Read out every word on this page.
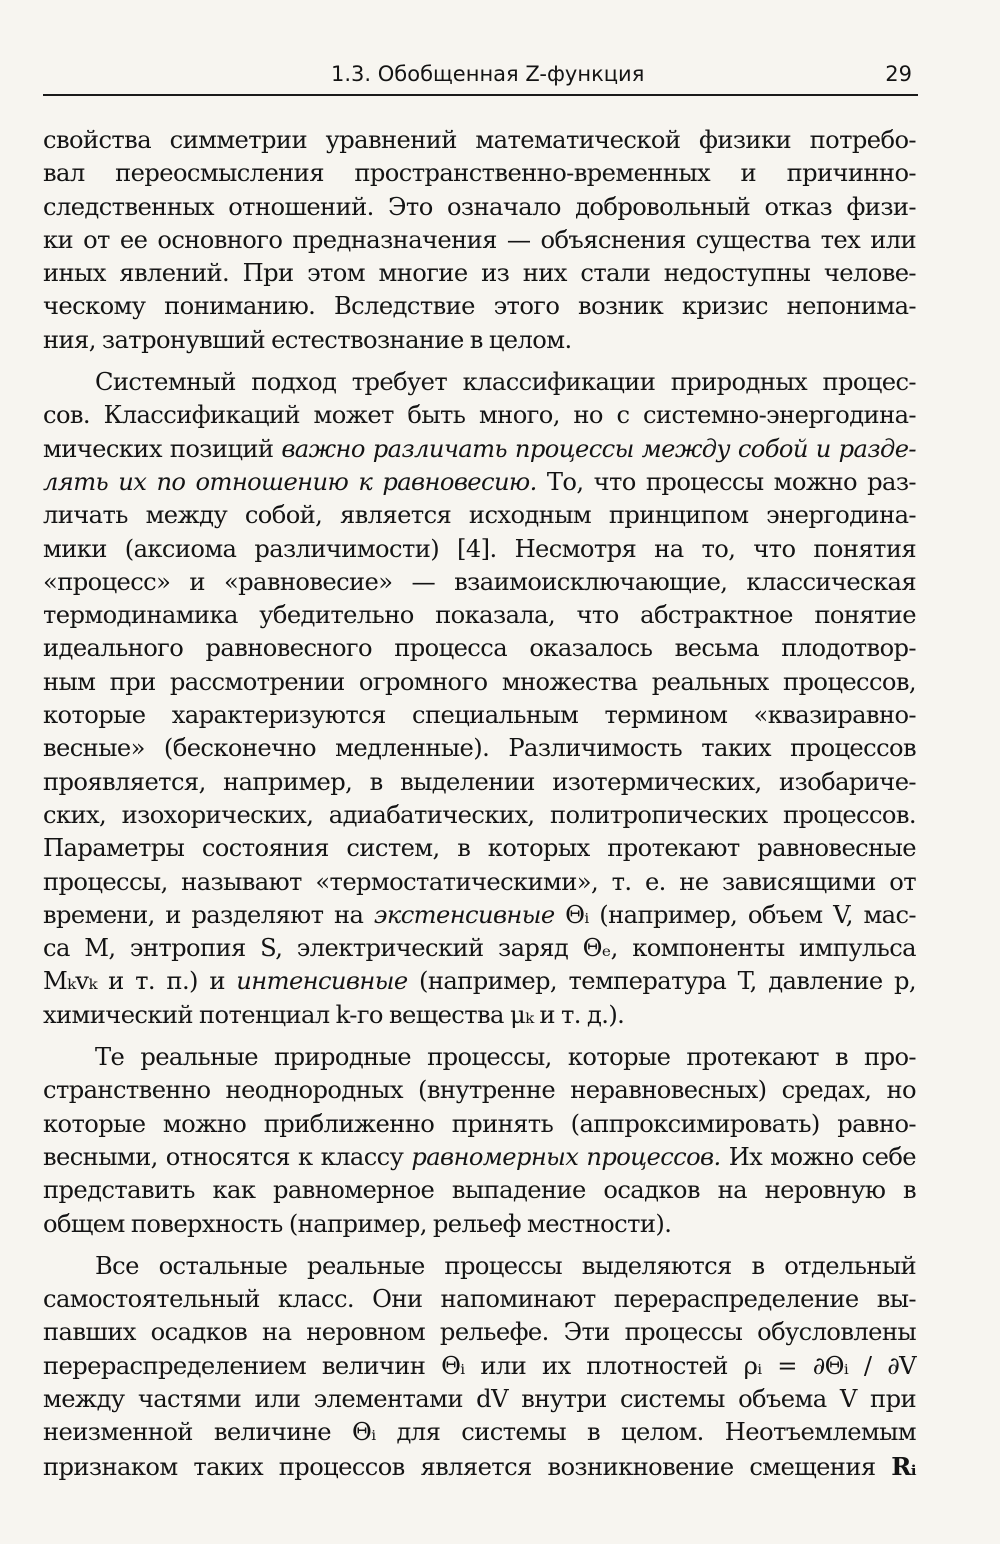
1.3. Обобщенная Z-функция	29

свойства симметрии уравнений математической физики потребо-
вал переосмысления пространственно-временных и причинно-
следственных отношений. Это означало добровольный отказ физи-
ки от ее основного предназначения — объяснения существа тех или
иных явлений. При этом многие из них стали недоступны челове-
ческому пониманию. Вследствие этого возник кризис непонима-
ния, затронувший естествознание в целом.

Системный подход требует классификации природных процес-
сов. Классификаций может быть много, но с системно-энергодина-
мических позиций важно различать процессы между собой и разде-
лять их по отношению к равновесию. То, что процессы можно раз-
личать между собой, является исходным принципом энергодина-
мики (аксиома различимости) [4]. Несмотря на то, что понятия
«процесс» и «равновесие» — взаимоисключающие, классическая
термодинамика убедительно показала, что абстрактное понятие
идеального равновесного процесса оказалось весьма плодотвор-
ным при рассмотрении огромного множества реальных процессов,
которые характеризуются специальным термином «квазиравно-
весные» (бесконечно медленные). Различимость таких процессов
проявляется, например, в выделении изотермических, изобариче-
ских, изохорических, адиабатических, политропических процессов.
Параметры состояния систем, в которых протекают равновесные
процессы, называют «термостатическими», т. е. не зависящими от
времени, и разделяют на экстенсивные Θᵢ (например, объем V, мас-
са M, энтропия S, электрический заряд Θₑ, компоненты импульса
Mₖvₖ и т. п.) и интенсивные (например, температура T, давление p,
химический потенциал k-го вещества μₖ и т. д.).

Те реальные природные процессы, которые протекают в про-
странственно неоднородных (внутренне неравновесных) средах, но
которые можно приближенно принять (аппроксимировать) равно-
весными, относятся к классу равномерных процессов. Их можно себе
представить как равномерное выпадение осадков на неровную в
общем поверхность (например, рельеф местности).

Все остальные реальные процессы выделяются в отдельный
самостоятельный класс. Они напоминают перераспределение вы-
павших осадков на неровном рельефе. Эти процессы обусловлены
перераспределением величин Θᵢ или их плотностей ρᵢ = ∂Θᵢ / ∂V
между частями или элементами dV внутри системы объема V при
неизменной величине Θᵢ для системы в целом. Неотъемлемым
признаком таких процессов является возникновение смещения Rᵢ
